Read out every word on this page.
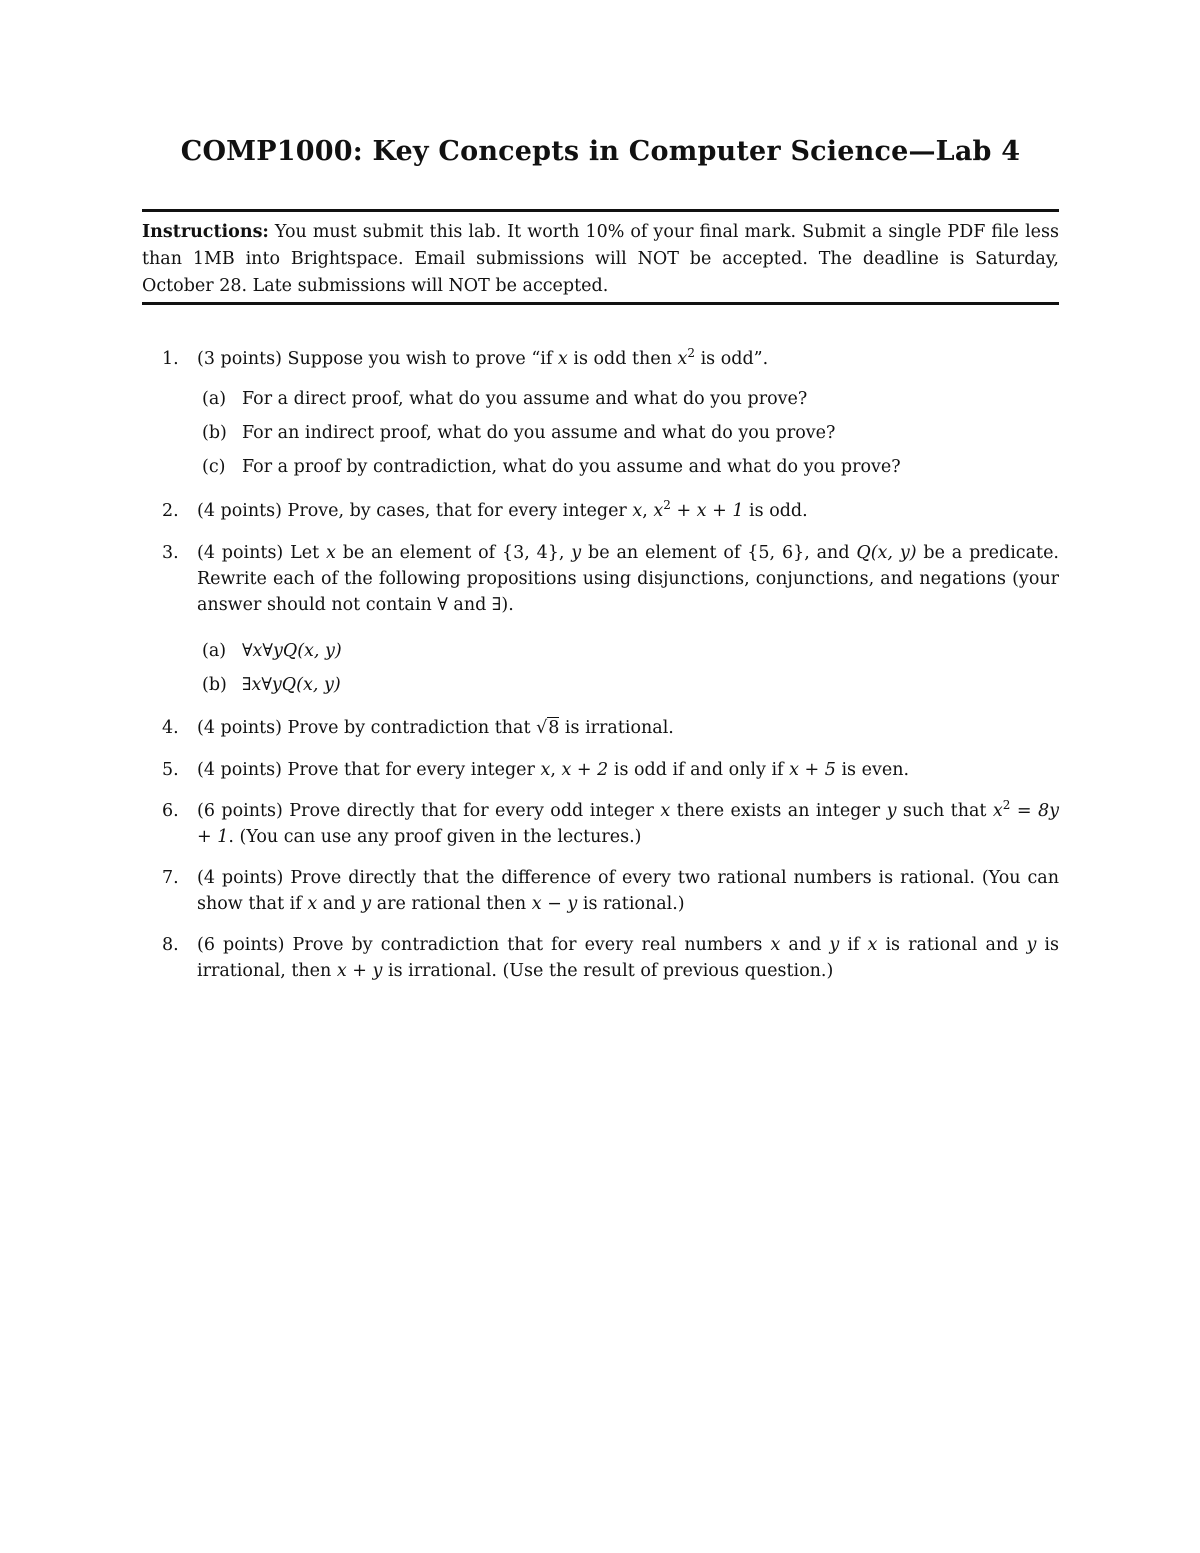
COMP1000: Key Concepts in Computer Science—Lab 4
Instructions: You must submit this lab. It worth 10% of your final mark. Submit a single PDF file less than 1MB into Brightspace. Email submissions will NOT be accepted. The deadline is Saturday, October 28. Late submissions will NOT be accepted.
1. (3 points) Suppose you wish to prove “if x is odd then $x^2$ is odd”.
(a) For a direct proof, what do you assume and what do you prove?
(b) For an indirect proof, what do you assume and what do you prove?
(c) For a proof by contradiction, what do you assume and what do you prove?
2. (4 points) Prove, by cases, that for every integer x, $x^2 + x + 1$ is odd.
3. (4 points) Let x be an element of {3, 4}, y be an element of {5, 6}, and Q(x, y) be a predicate. Rewrite each of the following propositions using disjunctions, conjunctions, and negations (your answer should not contain ∀ and ∃).
(a) ∀x∀yQ(x, y)
(b) ∃x∀yQ(x, y)
4. (4 points) Prove by contradiction that √8 is irrational.
5. (4 points) Prove that for every integer x, x + 2 is odd if and only if x + 5 is even.
6. (6 points) Prove directly that for every odd integer x there exists an integer y such that $x^2 = 8y + 1$. (You can use any proof given in the lectures.)
7. (4 points) Prove directly that the difference of every two rational numbers is rational. (You can show that if x and y are rational then x − y is rational.)
8. (6 points) Prove by contradiction that for every real numbers x and y if x is rational and y is irrational, then x + y is irrational. (Use the result of previous question.)
